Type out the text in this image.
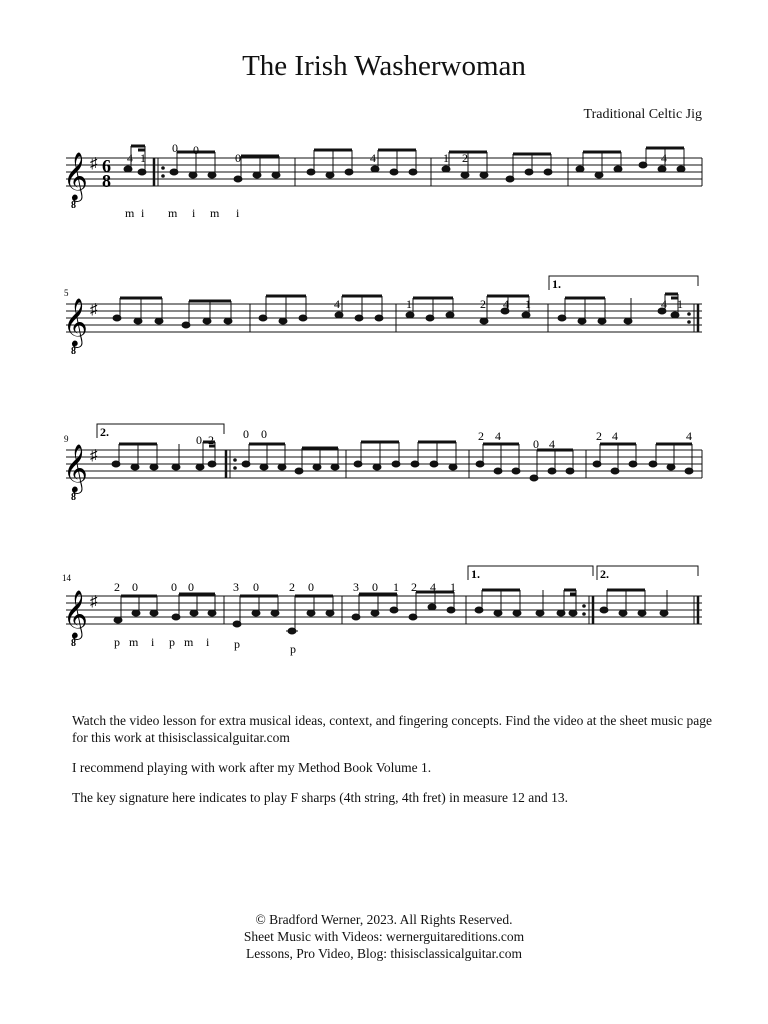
The Irish Washerwoman
Traditional Celtic Jig
𝄞
8
♯ 6
8
4 1
0 0
0	4	1 2	4
m i m i m i
5
𝄞
8
♯
1.
4	1	2 4 1	4 1
9
𝄞
8
♯
2.
0 2 0 0	2 4
0 4
2 4	4
14
𝄞
8
♯
1.	2.
2 0	0 0	3 0	2 0	3 0 1 2 4 1
p m i p m i p	p

Watch the video lesson for extra musical ideas, context, and fingering concepts. Find the video at the sheet music page for this work at thisisclassicalguitar.com

I recommend playing with work after my Method Book Volume 1.

The key signature here indicates to play F sharps (4th string, 4th fret) in measure 12 and 13.

© Bradford Werner, 2023. All Rights Reserved.
Sheet Music with Videos: wernerguitareditions.com
Lessons, Pro Video, Blog: thisisclassicalguitar.com
